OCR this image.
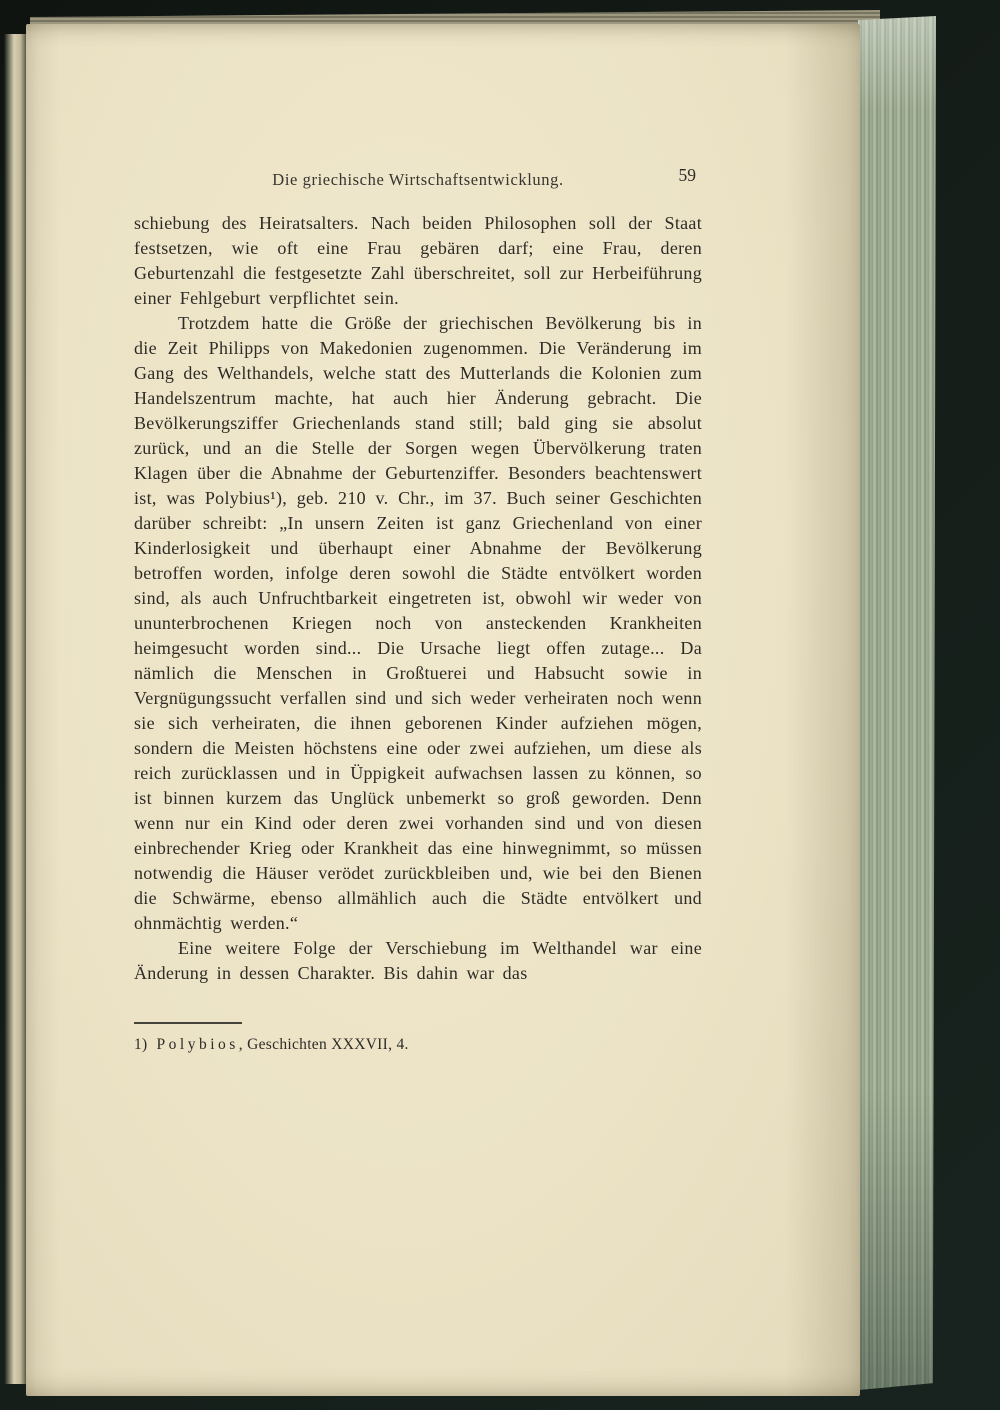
Die griechische Wirtschaftsentwicklung.	59

schiebung des Heiratsalters. Nach beiden Philosophen soll der Staat festsetzen, wie oft eine Frau gebären darf; eine Frau, deren Geburtenzahl die festgesetzte Zahl überschreitet, soll zur Herbeiführung einer Fehlgeburt verpflichtet sein.

Trotzdem hatte die Größe der griechischen Bevölkerung bis in die Zeit Philipps von Makedonien zugenommen. Die Veränderung im Gang des Welthandels, welche statt des Mutterlands die Kolonien zum Handelszentrum machte, hat auch hier Änderung gebracht. Die Bevölkerungsziffer Griechenlands stand still; bald ging sie absolut zurück, und an die Stelle der Sorgen wegen Übervölkerung traten Klagen über die Abnahme der Geburtenziffer. Besonders beachtenswert ist, was Polybius¹), geb. 210 v. Chr., im 37. Buch seiner Geschichten darüber schreibt: „In unsern Zeiten ist ganz Griechenland von einer Kinderlosigkeit und überhaupt einer Abnahme der Bevölkerung betroffen worden, infolge deren sowohl die Städte entvölkert worden sind, als auch Unfruchtbarkeit eingetreten ist, obwohl wir weder von ununterbrochenen Kriegen noch von ansteckenden Krankheiten heimgesucht worden sind... Die Ursache liegt offen zutage... Da nämlich die Menschen in Großtuerei und Habsucht sowie in Vergnügungssucht verfallen sind und sich weder verheiraten noch wenn sie sich verheiraten, die ihnen geborenen Kinder aufziehen mögen, sondern die Meisten höchstens eine oder zwei aufziehen, um diese als reich zurücklassen und in Üppigkeit aufwachsen lassen zu können, so ist binnen kurzem das Unglück unbemerkt so groß geworden. Denn wenn nur ein Kind oder deren zwei vorhanden sind und von diesen einbrechender Krieg oder Krankheit das eine hinwegnimmt, so müssen notwendig die Häuser verödet zurückbleiben und, wie bei den Bienen die Schwärme, ebenso allmählich auch die Städte entvölkert und ohnmächtig werden.“

Eine weitere Folge der Verschiebung im Welthandel war eine Änderung in dessen Charakter. Bis dahin war das

1) Polybios, Geschichten XXXVII, 4.
